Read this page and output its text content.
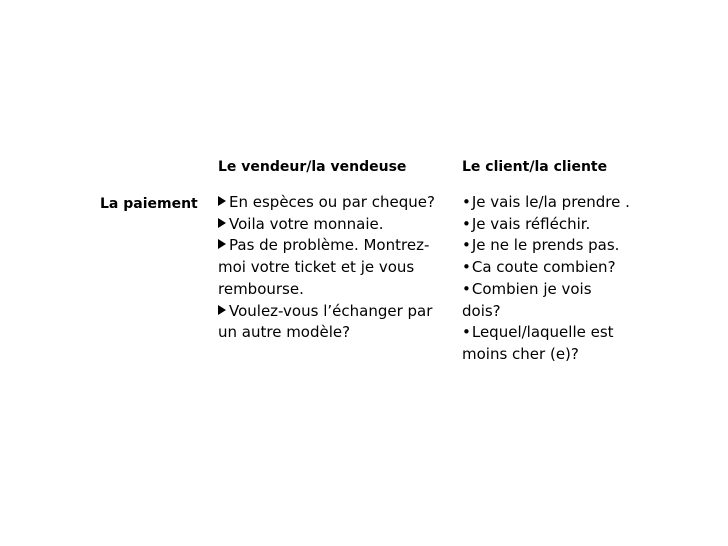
Le vendeur/la vendeuse	Le client/la cliente
La paiement	En espèces ou par cheque?
Voila votre monnaie.
Pas de problème. Montrez-
moi votre ticket et je vous
rembourse.
Voulez-vous l’échanger par
un autre modèle?
•Je vais le/la prendre .
•Je vais réfléchir.
•Je ne le prends pas.
•Ca coute combien?
•Combien je vois
dois?
•Lequel/laquelle est
moins cher (e)?
